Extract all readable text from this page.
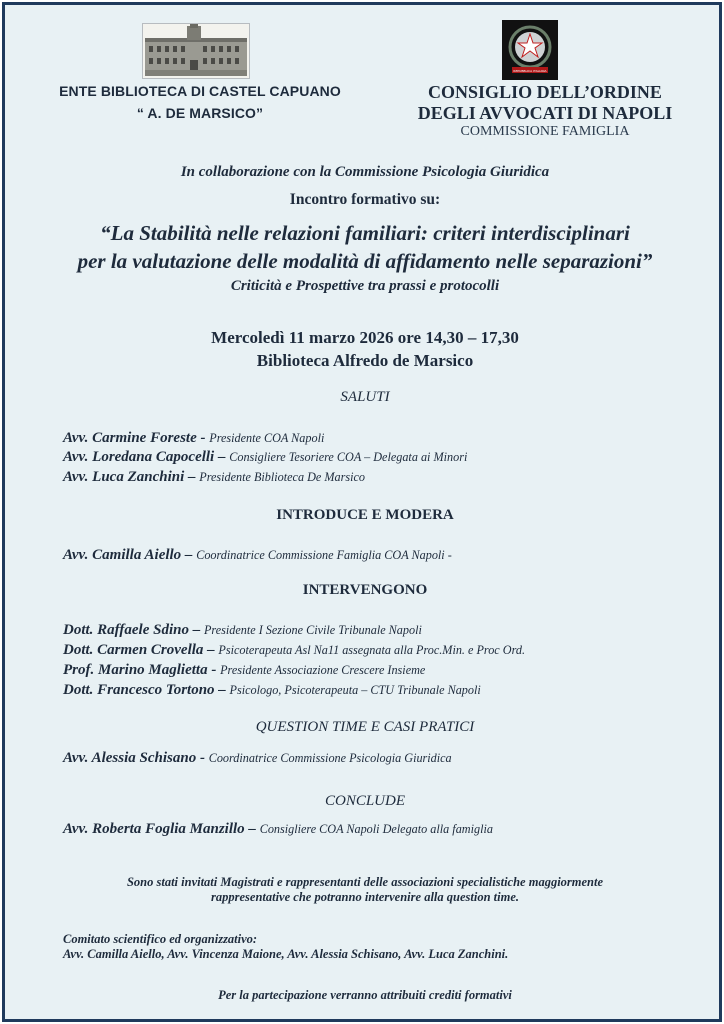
REPUBBLICA ITALIANA
ENTE BIBLIOTECA DI CASTEL CAPUANO
“ A. DE MARSICO”
CONSIGLIO DELL’ORDINE
DEGLI AVVOCATI DI NAPOLI
COMMISSIONE FAMIGLIA
In collaborazione con la Commissione Psicologia Giuridica
Incontro formativo su:
“La Stabilità nelle relazioni familiari: criteri interdisciplinari
per la valutazione delle modalità di affidamento nelle separazioni”
Criticità e Prospettive tra prassi e protocolli
Mercoledì 11 marzo 2026 ore 14,30 – 17,30
Biblioteca Alfredo de Marsico
SALUTI
Avv. Carmine Foreste - Presidente COA Napoli
Avv. Loredana Capocelli – Consigliere Tesoriere COA – Delegata ai Minori
Avv. Luca Zanchini – Presidente Biblioteca De Marsico
INTRODUCE E MODERA
Avv. Camilla Aiello – Coordinatrice Commissione Famiglia COA Napoli -
INTERVENGONO
Dott. Raffaele Sdino – Presidente I Sezione Civile Tribunale Napoli
Dott. Carmen Crovella – Psicoterapeuta Asl Na11 assegnata alla Proc.Min. e Proc Ord.
Prof. Marino Maglietta - Presidente Associazione Crescere Insieme
Dott. Francesco Tortono – Psicologo, Psicoterapeuta – CTU Tribunale Napoli
QUESTION TIME E CASI PRATICI
Avv. Alessia Schisano - Coordinatrice Commissione Psicologia Giuridica
CONCLUDE
Avv. Roberta Foglia Manzillo – Consigliere COA Napoli Delegato alla famiglia
Sono stati invitati Magistrati e rappresentanti delle associazioni specialistiche maggiormente
rappresentative che potranno intervenire alla question time.
Comitato scientifico ed organizzativo:
Avv. Camilla Aiello, Avv. Vincenza Maione, Avv. Alessia Schisano, Avv. Luca Zanchini.
Per la partecipazione verranno attribuiti crediti formativi
